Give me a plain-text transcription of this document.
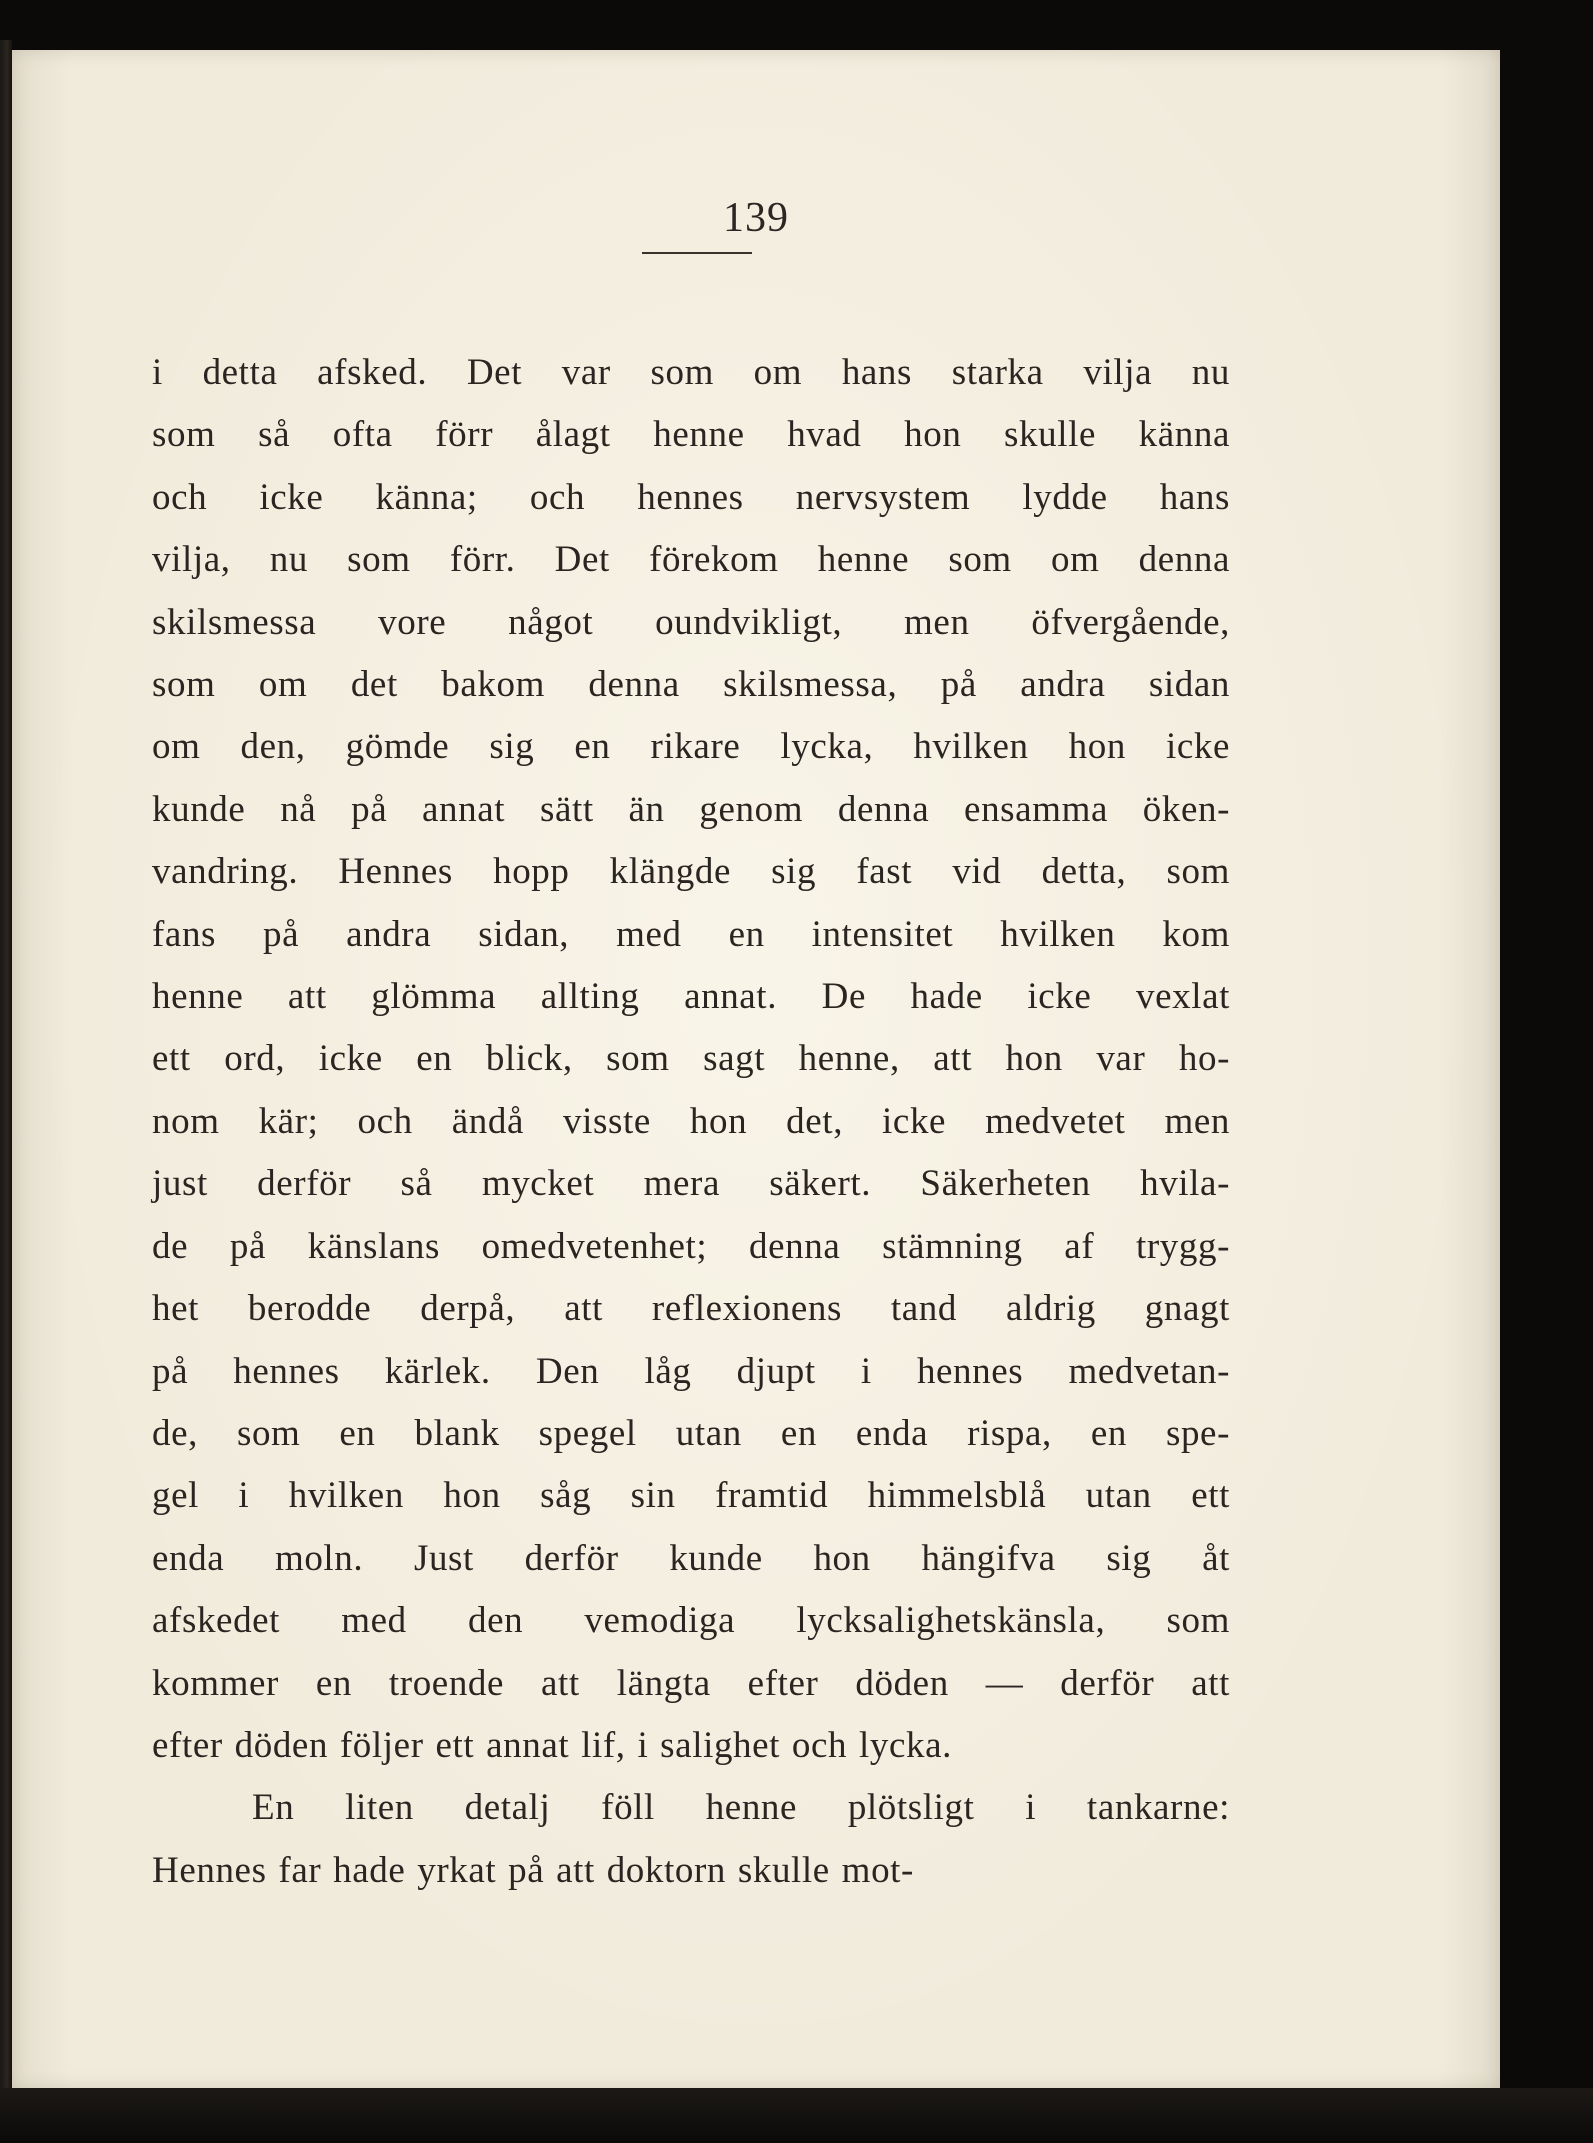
139
i detta afsked. Det var som om hans starka vilja nu
som så ofta förr ålagt henne hvad hon skulle känna
och icke känna; och hennes nervsystem lydde hans
vilja, nu som förr. Det förekom henne som om denna
skilsmessa vore något oundvikligt, men öfvergående,
som om det bakom denna skilsmessa, på andra sidan
om den, gömde sig en rikare lycka, hvilken hon icke
kunde nå på annat sätt än genom denna ensamma öken-
vandring. Hennes hopp klängde sig fast vid detta, som
fans på andra sidan, med en intensitet hvilken kom
henne att glömma allting annat. De hade icke vexlat
ett ord, icke en blick, som sagt henne, att hon var ho-
nom kär; och ändå visste hon det, icke medvetet men
just derför så mycket mera säkert. Säkerheten hvila-
de på känslans omedvetenhet; denna stämning af trygg-
het berodde derpå, att reflexionens tand aldrig gnagt
på hennes kärlek. Den låg djupt i hennes medvetan-
de, som en blank spegel utan en enda rispa, en spe-
gel i hvilken hon såg sin framtid himmelsblå utan ett
enda moln. Just derför kunde hon hängifva sig åt
afskedet med den vemodiga lycksalighetskänsla, som
kommer en troende att längta efter döden — derför att
efter döden följer ett annat lif, i salighet och lycka.
En liten detalj föll henne plötsligt i tankarne:
Hennes far hade yrkat på att doktorn skulle mot-
